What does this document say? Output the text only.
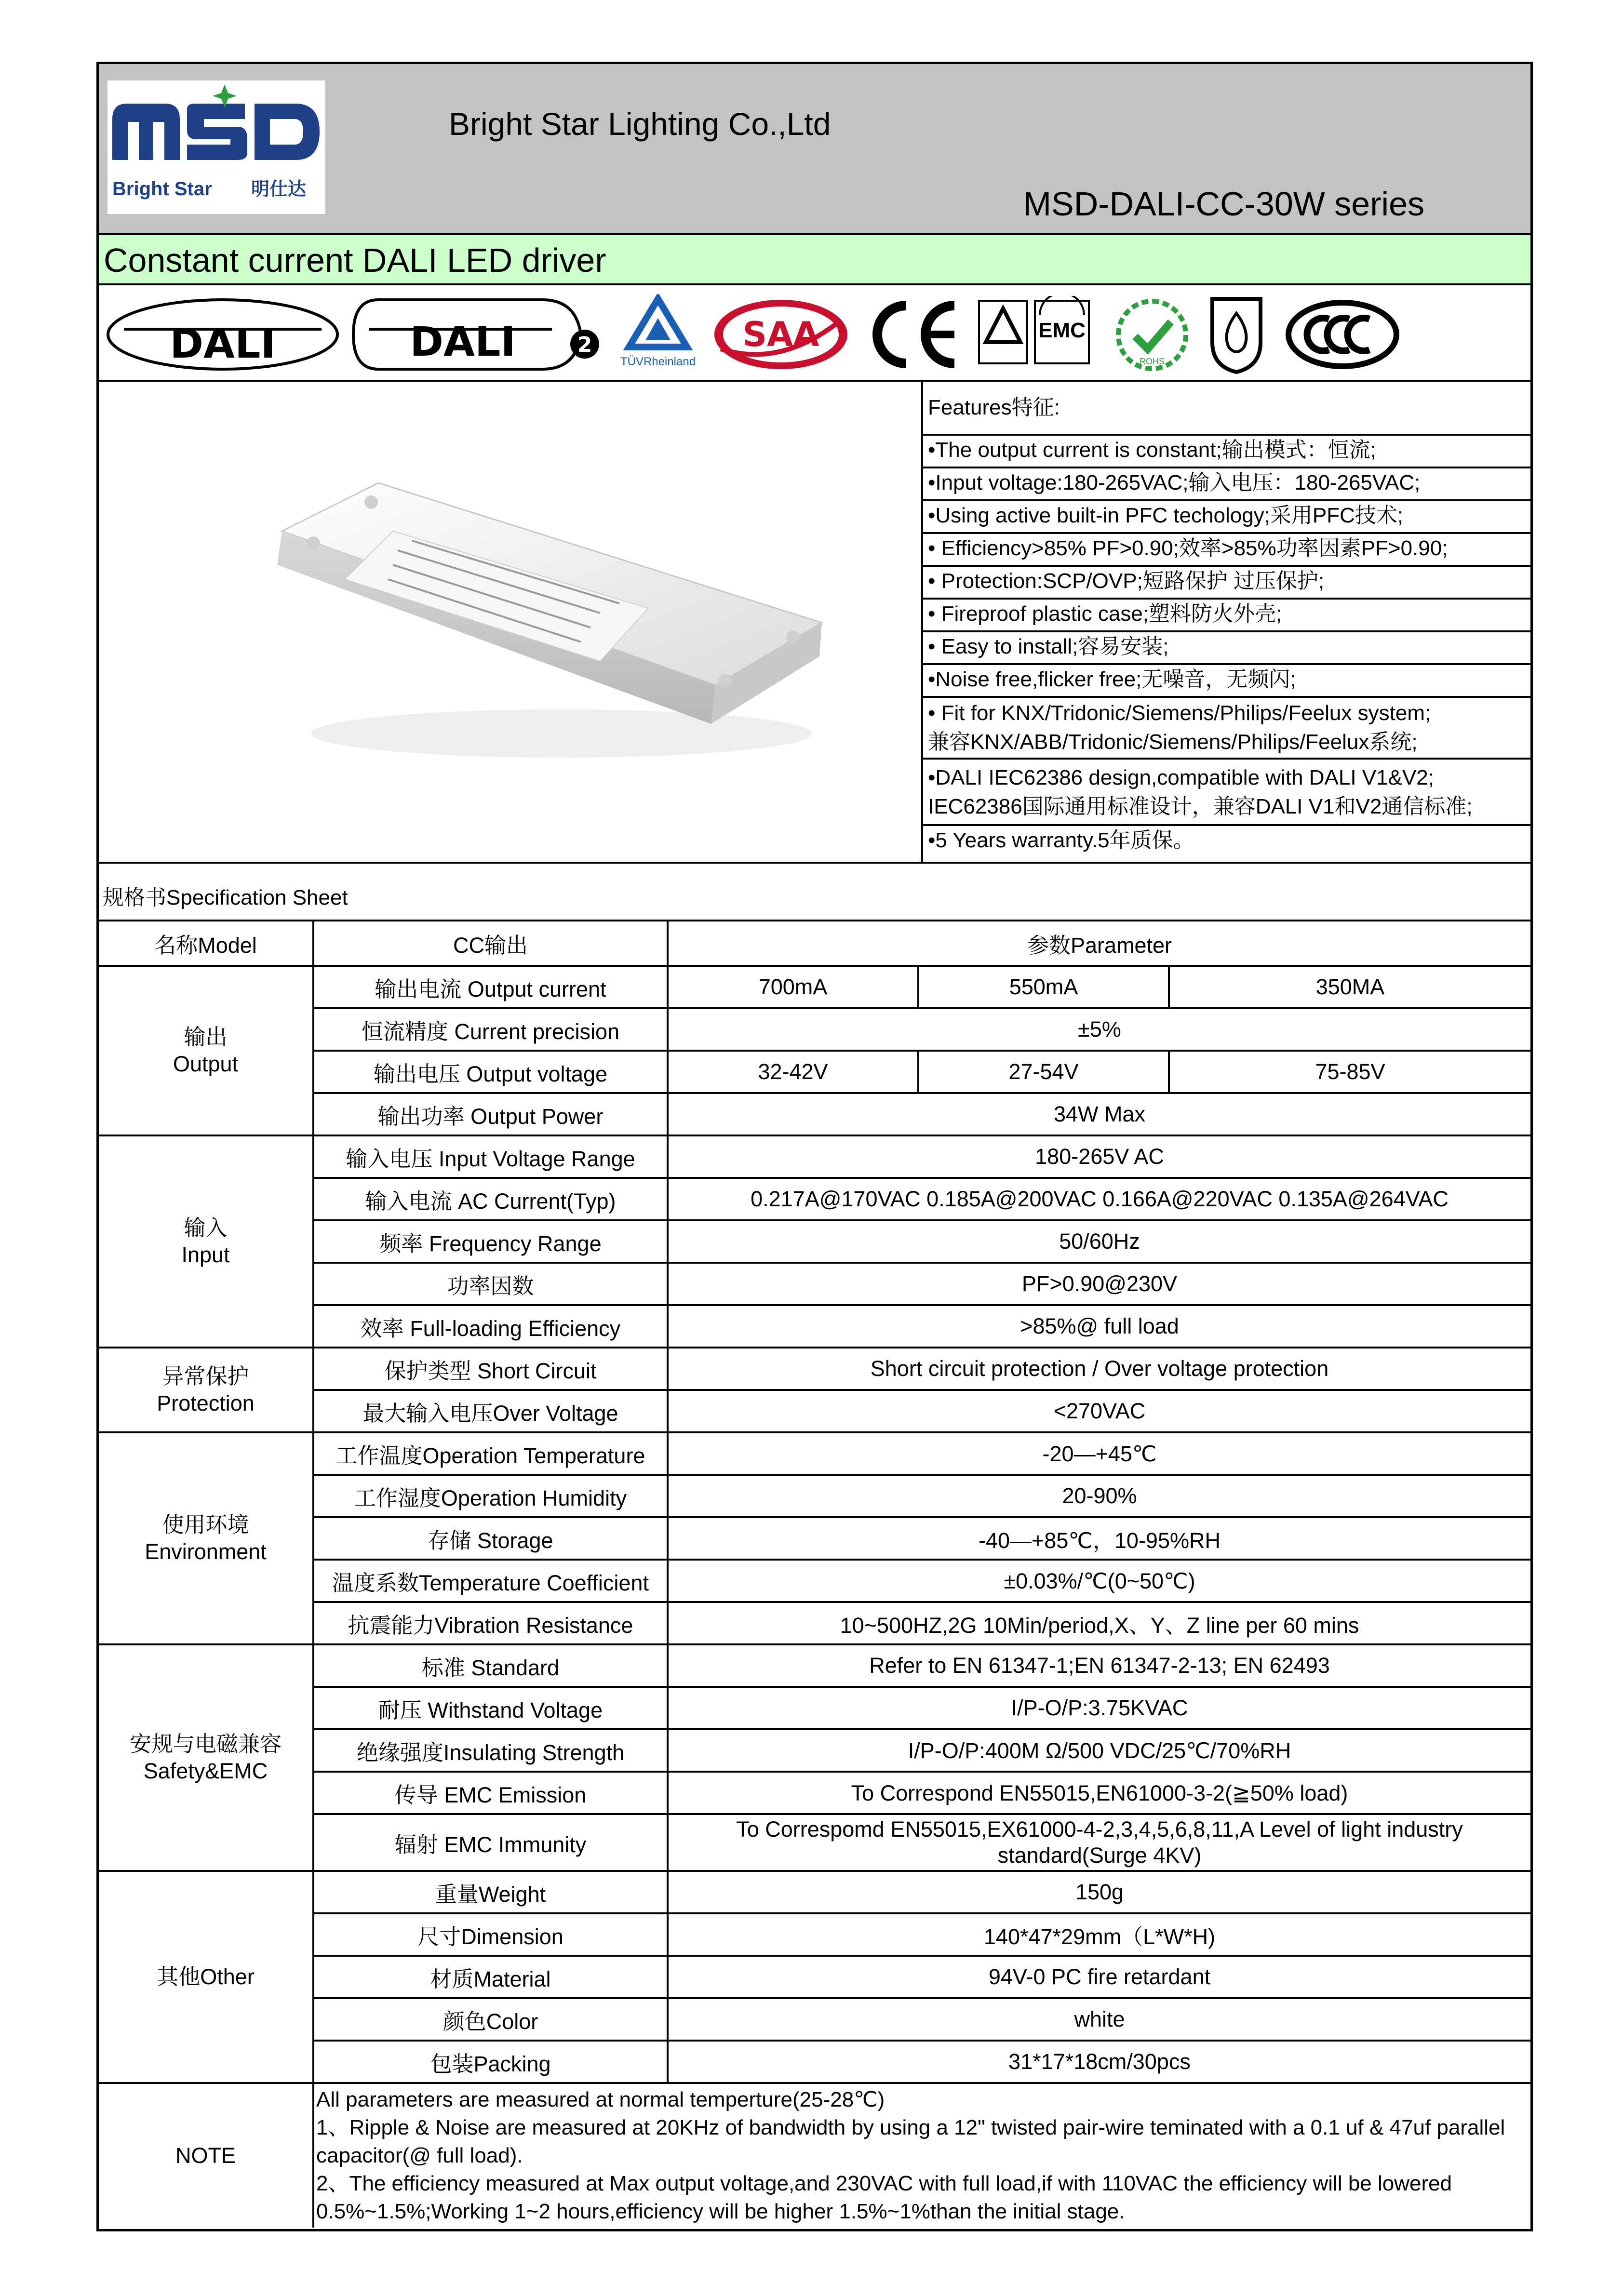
Bright Star 明仕达
Bright Star Lighting Co.,Ltd
MSD-DALI-CC-30W series
Constant current DALI LED driver
DALI	DALI	2
TÜVRheinland
SAA	EMC
ROHS
Features特征:
•The output current is constant;输出模式：恒流;
•Input voltage:180-265VAC;输入电压：180-265VAC;
•Using active built-in PFC techology;采用PFC技术;
• Efficiency>85% PF>0.90;效率>85%功率因素PF>0.90;
• Protection:SCP/OVP;短路保护 过压保护;
• Fireproof plastic case;塑料防火外壳;
• Easy to install;容易安装;
•Noise free,flicker free;无噪音，无频闪;
• Fit for KNX/Tridonic/Siemens/Philips/Feelux system;
兼容KNX/ABB/Tridonic/Siemens/Philips/Feelux系统;
•DALI IEC62386 design,compatible with DALI V1&V2;
IEC62386国际通用标准设计，兼容DALI V1和V2通信标准;
•5 Years warranty.5年质保。
规格书Specification Sheet
名称Model	CC输出	参数Parameter		

输出
Output	输出电流 Output current	700mA	550mA	350MA
	恒流精度 Current precision	±5%		
	输出电压 Output voltage	32-42V	27-54V	75-85V
	输出功率 Output Power	34W Max		

输入
Input	输入电压 Input Voltage Range	180-265V AC		
	输入电流 AC Current(Typ)	0.217A@170VAC 0.185A@200VAC 0.166A@220VAC 0.135A@264VAC		
	频率 Frequency Range	50/60Hz		
	功率因数	PF>0.90@230V		
	效率 Full-loading Efficiency	>85%@ full load		

异常保护
Protection	保护类型 Short Circuit	Short circuit protection / Over voltage protection		
	最大输入电压Over Voltage	<270VAC		

使用环境
Environment	工作温度Operation Temperature	-20—+45℃		
	工作湿度Operation Humidity	20-90%		
	存储 Storage	-40—+85℃，10-95%RH		
	温度系数Temperature Coefficient	±0.03%/℃(0~50℃)		
	抗震能力Vibration Resistance	10~500HZ,2G 10Min/period,X、Y、Z line per 60 mins		

安规与电磁兼容
Safety&EMC	标准 Standard	Refer to EN 61347-1;EN 61347-2-13; EN 62493		
	耐压 Withstand Voltage	I/P-O/P:3.75KVAC		
	绝缘强度Insulating Strength	I/P-O/P:400M Ω/500 VDC/25℃/70%RH		
	传导 EMC Emission	To Correspond EN55015,EN61000-3-2(≧50% load)		
	辐射 EMC Immunity	To Correspomd EN55015,EX61000-4-2,3,4,5,6,8,11,A Level of light industry standard(Surge 4KV)		
其他Other	重量Weight	150g		
	尺寸Dimension	140*47*29mm（L*W*H)		
	材质Material	94V-0 PC fire retardant		
	颜色Color	white		
	包装Packing	31*17*18cm/30pcs		
NOTE	All parameters are measured at normal temperture(25-28℃)
1、Ripple & Noise are measured at 20KHz of bandwidth by using a 12" twisted pair-wire teminated with a 0.1 uf & 47uf parallel capacitor(@ full load).
2、The efficiency measured at Max output voltage,and 230VAC with full load,if with 110VAC the efficiency will be lowered 0.5%~1.5%;Working 1~2 hours,efficiency will be higher 1.5%~1%than the initial stage.			
